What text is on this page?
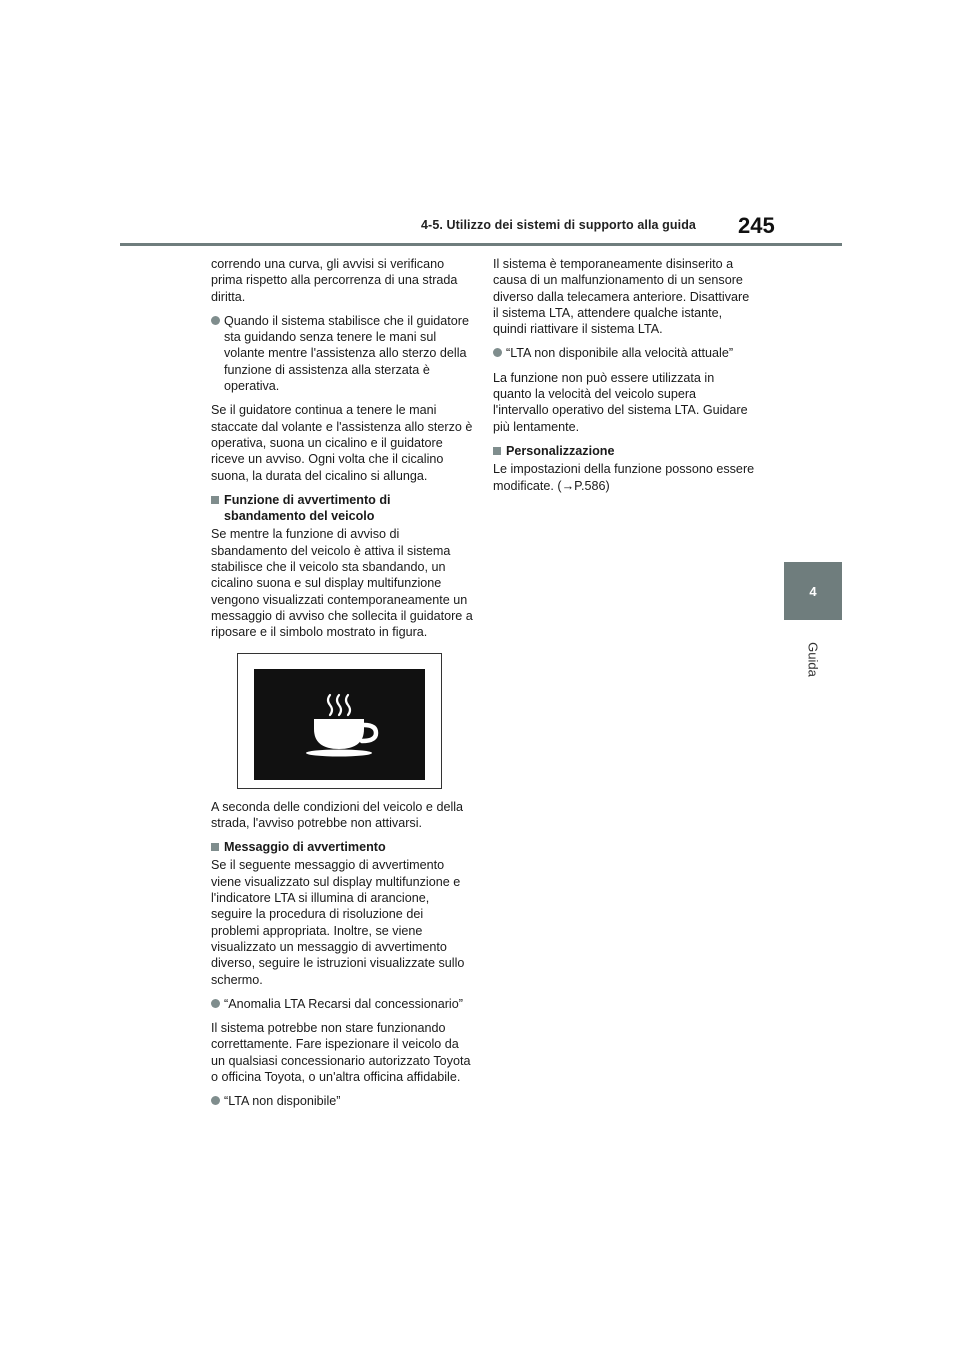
4-5. Utilizzo dei sistemi di supporto alla guida 245
4
Guida

correndo una curva, gli avvisi si verificano prima rispetto alla percorrenza di una strada diritta.

Quando il sistema stabilisce che il guidatore sta guidando senza tenere le mani sul volante mentre l'assistenza allo sterzo della funzione di assistenza alla sterzata è operativa.

Se il guidatore continua a tenere le mani staccate dal volante e l'assistenza allo sterzo è operativa, suona un cicalino e il guidatore riceve un avviso. Ogni volta che il cicalino suona, la durata del cicalino si allunga.

Funzione di avvertimento di sbandamento del veicolo

Se mentre la funzione di avviso di sbandamento del veicolo è attiva il sistema stabilisce che il veicolo sta sbandando, un cicalino suona e sul display multifunzione vengono visualizzati contemporaneamente un messaggio di avviso che sollecita il guidatore a riposare e il simbolo mostrato in figura.

A seconda delle condizioni del veicolo e della strada, l'avviso potrebbe non attivarsi.

Messaggio di avvertimento

Se il seguente messaggio di avvertimento viene visualizzato sul display multifunzione e l'indicatore LTA si illumina di arancione, seguire la procedura di risoluzione dei problemi appropriata. Inoltre, se viene visualizzato un messaggio di avvertimento diverso, seguire le istruzioni visualizzate sullo schermo.

“Anomalia LTA Recarsi dal concessionario”

Il sistema potrebbe non stare funzionando correttamente. Fare ispezionare il veicolo da un qualsiasi concessionario autorizzato Toyota o officina Toyota, o un'altra officina affidabile.

“LTA non disponibile”

Il sistema è temporaneamente disinserito a causa di un malfunzionamento di un sensore diverso dalla telecamera anteriore. Disattivare il sistema LTA, attendere qualche istante, quindi riattivare il sistema LTA.

“LTA non disponibile alla velocità attuale”

La funzione non può essere utilizzata in quanto la velocità del veicolo supera l'intervallo operativo del sistema LTA. Guidare più lentamente.

Personalizzazione

Le impostazioni della funzione possono essere modificate. (→P.586)
